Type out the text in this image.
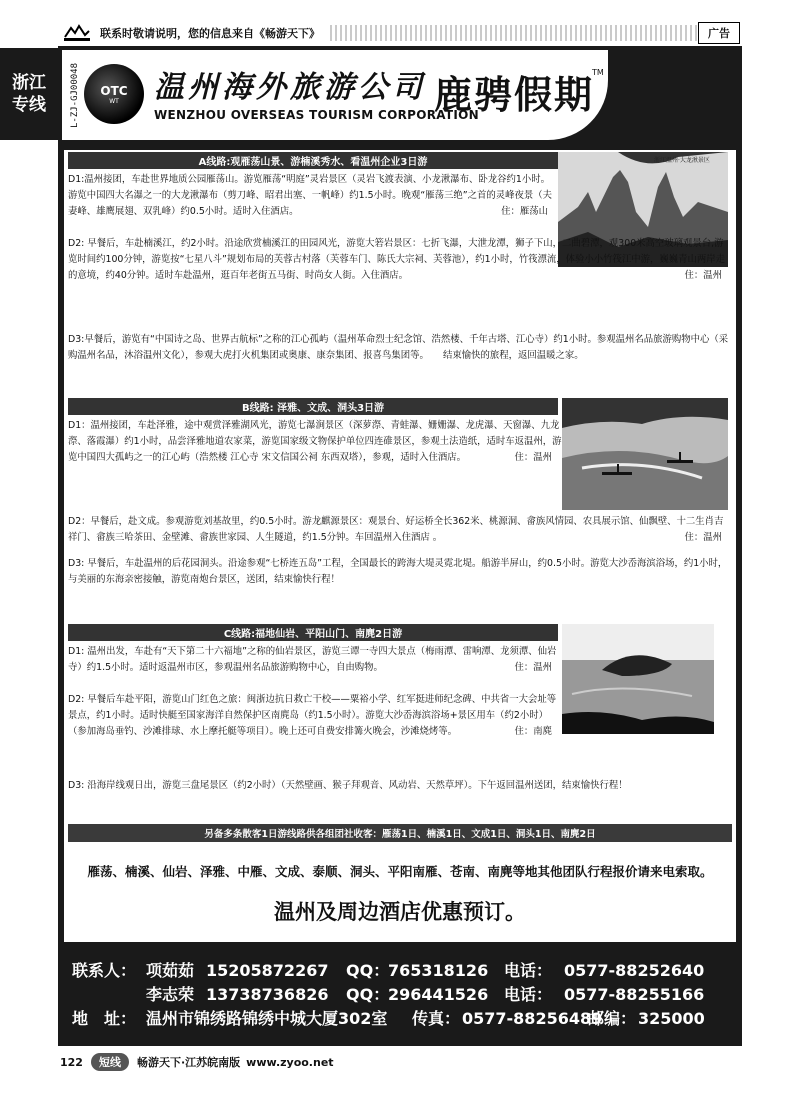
联系时敬请说明，您的信息来自《畅游天下》	广告
浙江
专线	L-ZJ-GJ00048 OTC
WT 温州海外旅游公司
WENZHOU OVERSEAS TOURISM CORPORATION
鹿骋假期
TM
A线路:观雁荡山景、游楠溪秀水、看温州企业3日游	浙江温州·大龙湫景区
D1:温州接团，车赴世界地质公园雁荡山。游览雁荡“明庭”灵岩景区（灵岩飞渡表演、小龙湫瀑布、卧龙谷约1小时。游览中国四大名瀑之一的大龙湫瀑布（剪刀峰、昭君出塞、一帆峰）约1.5小时。晚观“雁荡三绝”之首的灵峰夜景（夫妻峰、雄鹰展翅、双乳峰）约0.5小时。适时入住酒店。	住：雁荡山
D2: 早餐后，车赴楠溪江，约2小时。沿途欣赏楠溪江的田园风光，游览大箬岩景区：七折飞瀑，大泄龙潭，狮子下山，二曲碧潭，观300米高空玻璃观景台,游览时间约100分钟，游览按“七星八斗”规划布局的芙蓉古村落（芙蓉车门、陈氏大宗祠、芙蓉池），约1小时，竹筏漂流，体验小小竹筏江中游，巍巍青山两岸走的意境，约40分钟。适时车赴温州，逛百年老街五马街、时尚女人街。入住酒店。	住：温州
D3:早餐后，游览有“中国诗之岛、世界古航标”之称的江心孤屿（温州革命烈士纪念馆、浩然楼、千年古塔、江心寺）约1小时。参观温州名品旅游购物中心（采购温州名品，沐浴温州文化），参观大虎打火机集团或奥康、康奈集团、报喜鸟集团等。　　结束愉快的旅程，返回温暖之家。
B线路: 泽雅、文成、洞头3日游
D1：温州接团，车赴泽雅，途中观赏泽雅湖风光，游览七瀑涧景区（深萝漈、青蛙瀑、姗姗瀑、龙虎瀑、天窗瀑、九龙漈、落霞瀑）约1小时，品尝泽雅地道农家菜，游览国家级文物保护单位四连碓景区，参观土法造纸，适时车返温州，游览中国四大孤屿之一的江心屿（浩然楼 江心寺 宋文信国公祠 东西双塔），参观，适时入住酒店。	住：温州
D2：早餐后，赴文成。参观游览刘基故里，约0.5小时。游龙麒源景区：观景台、好运桥全长362米、桃源洞、畲族风情园、农具展示馆、仙飘壁、十二生肖吉祥门、畲族三哈茶田、金壁滩、畲族世家园、人生隧道，约1.5分钟。车回温州入住酒店 。	住：温州
D3: 早餐后，车赴温州的后花园洞头。沿途参观“七桥连五岛”工程，全国最长的跨海大堤灵霓北堤。船游半屏山，约0.5小时。游览大沙岙海滨浴场，约1小时，与美丽的东海亲密接触，游览南炮台景区，送团，结束愉快行程！
C线路:福地仙岩、平阳山门、南麂2日游
D1: 温州出发，车赴有“天下第二十六福地”之称的仙岩景区，游览三谭一寺四大景点（梅雨潭、雷响潭、龙须潭、仙岩寺）约1.5小时。适时返温州市区，参观温州名品旅游购物中心，自由购物。	住：温州
D2: 早餐后车赴平阳，游览山门红色之旅：闽浙边抗日救亡干校——粟裕小学、红军挺进师纪念碑、中共省一大会址等景点，约1小时。适时快艇至国家海洋自然保护区南麂岛（约1.5小时）。游览大沙岙海滨浴场+景区用车（约2小时）（参加海岛垂钓、沙滩排球、水上摩托艇等项目）。晚上还可自费安排篝火晚会，沙滩烧烤等。	住：南麂
D3: 沿海岸线观日出，游览三盘尾景区（约2小时）（天然壁画、猴子拜观音、风动岩、天然草坪）。下午返回温州送团，结束愉快行程！
另备多条散客1日游线路供各组团社收客：雁荡1日、楠溪1日、文成1日、洞头1日、南麂2日
雁荡、楠溪、仙岩、泽雅、中雁、文成、泰顺、洞头、平阳南雁、苍南、南麂等地其他团队行程报价请来电索取。
温州及周边酒店优惠预订。
联系人： 项茹茹 15205872267 QQ：765318126 电话： 0577-88252640
李志荣 13738736826 QQ：296441526 电话： 0577-88255166
地　址： 温州市锦绣路锦绣中城大厦302室 传真： 0577-88256489邮编： 325000
122	短线	畅游天下·江苏皖南版 www.zyoo.net
